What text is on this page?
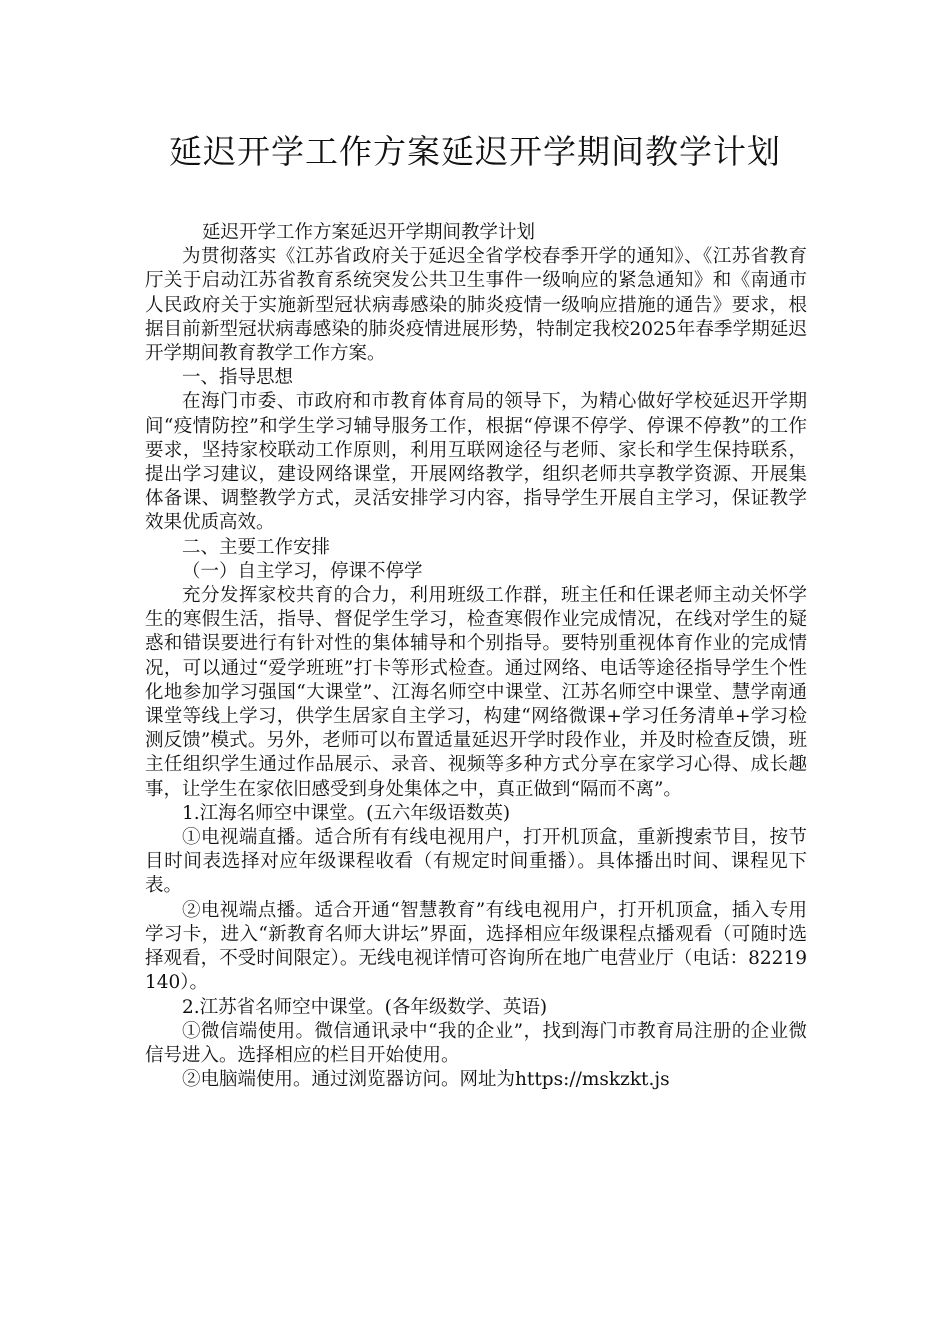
延迟开学工作方案延迟开学期间教学计划

延迟开学工作方案延迟开学期间教学计划

为贯彻落实《江苏省政府关于延迟全省学校春季开学的通知》、《江苏省教育厅关于启动江苏省教育系统突发公共卫生事件一级响应的紧急通知》和《南通市人民政府关于实施新型冠状病毒感染的肺炎疫情一级响应措施的通告》要求，根据目前新型冠状病毒感染的肺炎疫情进展形势，特制定我校2025年春季学期延迟开学期间教育教学工作方案。

一、指导思想

在海门市委、市政府和市教育体育局的领导下，为精心做好学校延迟开学期间“疫情防控”和学生学习辅导服务工作，根据“停课不停学、停课不停教”的工作要求，坚持家校联动工作原则，利用互联网途径与老师、家长和学生保持联系，提出学习建议，建设网络课堂，开展网络教学，组织老师共享教学资源、开展集体备课、调整教学方式，灵活安排学习内容，指导学生开展自主学习，保证教学效果优质高效。

二、主要工作安排

（一）自主学习，停课不停学

充分发挥家校共育的合力，利用班级工作群，班主任和任课老师主动关怀学生的寒假生活，指导、督促学生学习，检查寒假作业完成情况，在线对学生的疑惑和错误要进行有针对性的集体辅导和个别指导。要特别重视体育作业的完成情况，可以通过“爱学班班”打卡等形式检查。通过网络、电话等途径指导学生个性化地参加学习强国“大课堂”、江海名师空中课堂、江苏名师空中课堂、慧学南通课堂等线上学习，供学生居家自主学习，构建“网络微课+学习任务清单+学习检测反馈”模式。另外，老师可以布置适量延迟开学时段作业，并及时检查反馈，班主任组织学生通过作品展示、录音、视频等多种方式分享在家学习心得、成长趣事，让学生在家依旧感受到身处集体之中，真正做到“隔而不离”。

1.江海名师空中课堂。(五六年级语数英)

①电视端直播。适合所有有线电视用户，打开机顶盒，重新搜索节目，按节目时间表选择对应年级课程收看（有规定时间重播）。具体播出时间、课程见下表。

②电视端点播。适合开通“智慧教育”有线电视用户，打开机顶盒，插入专用学习卡，进入“新教育名师大讲坛”界面，选择相应年级课程点播观看（可随时选择观看，不受时间限定）。无线电视详情可咨询所在地广电营业厅（电话：82219140）。

2.江苏省名师空中课堂。(各年级数学、英语)

①微信端使用。微信通讯录中“我的企业”，找到海门市教育局注册的企业微信号进入。选择相应的栏目开始使用。

②电脑端使用。通过浏览器访问。网址为https://mskzkt.js
